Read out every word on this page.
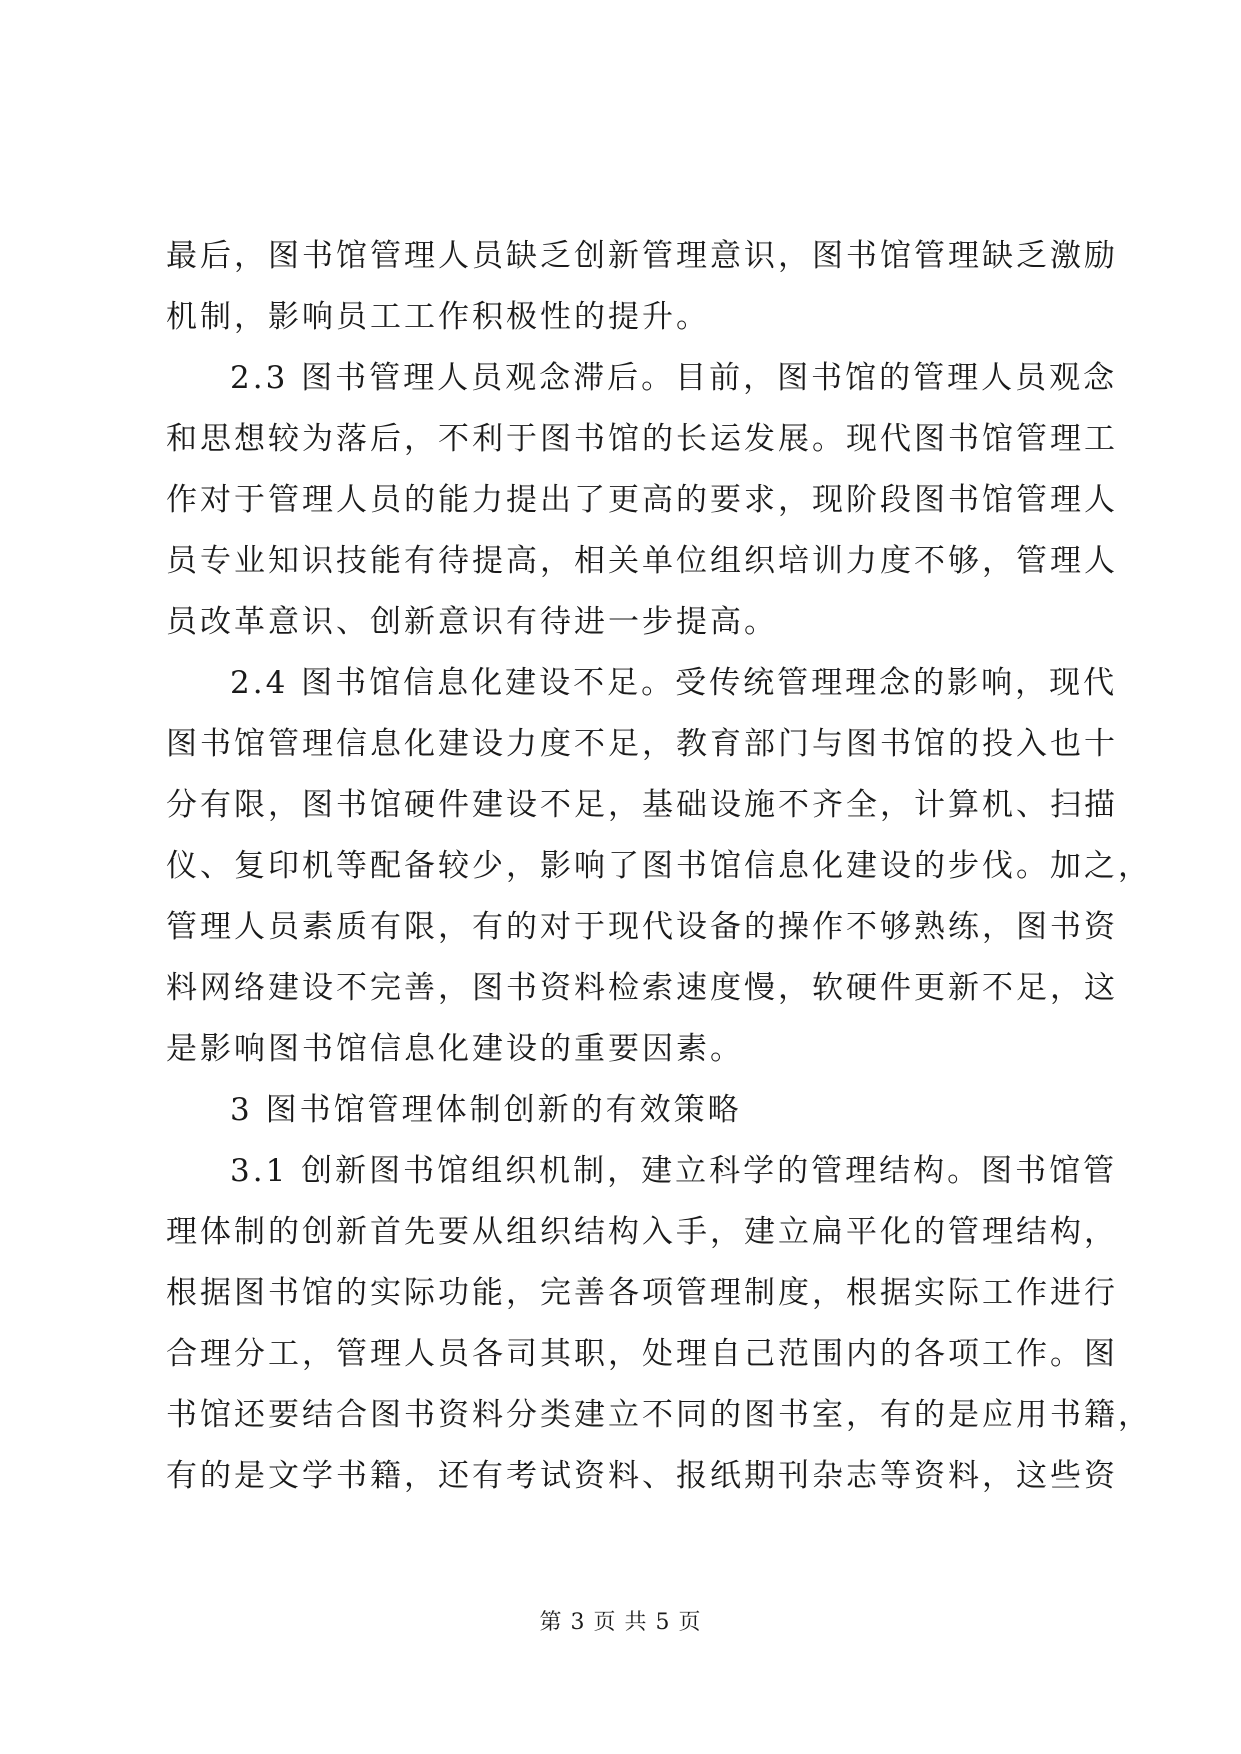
最后，图书馆管理人员缺乏创新管理意识，图书馆管理缺乏激励
机制，影响员工工作积极性的提升。
2.3 图书管理人员观念滞后。目前，图书馆的管理人员观念
和思想较为落后，不利于图书馆的长运发展。现代图书馆管理工
作对于管理人员的能力提出了更高的要求，现阶段图书馆管理人
员专业知识技能有待提高，相关单位组织培训力度不够，管理人
员改革意识、创新意识有待进一步提高。
2.4 图书馆信息化建设不足。受传统管理理念的影响，现代
图书馆管理信息化建设力度不足，教育部门与图书馆的投入也十
分有限，图书馆硬件建设不足，基础设施不齐全，计算机、扫描
仪、复印机等配备较少，影响了图书馆信息化建设的步伐。加之，
管理人员素质有限，有的对于现代设备的操作不够熟练，图书资
料网络建设不完善，图书资料检索速度慢，软硬件更新不足，这
是影响图书馆信息化建设的重要因素。
3 图书馆管理体制创新的有效策略
3.1 创新图书馆组织机制，建立科学的管理结构。图书馆管
理体制的创新首先要从组织结构入手，建立扁平化的管理结构，
根据图书馆的实际功能，完善各项管理制度，根据实际工作进行
合理分工，管理人员各司其职，处理自己范围内的各项工作。图
书馆还要结合图书资料分类建立不同的图书室，有的是应用书籍，
有的是文学书籍，还有考试资料、报纸期刊杂志等资料，这些资
第 3 页 共 5 页
